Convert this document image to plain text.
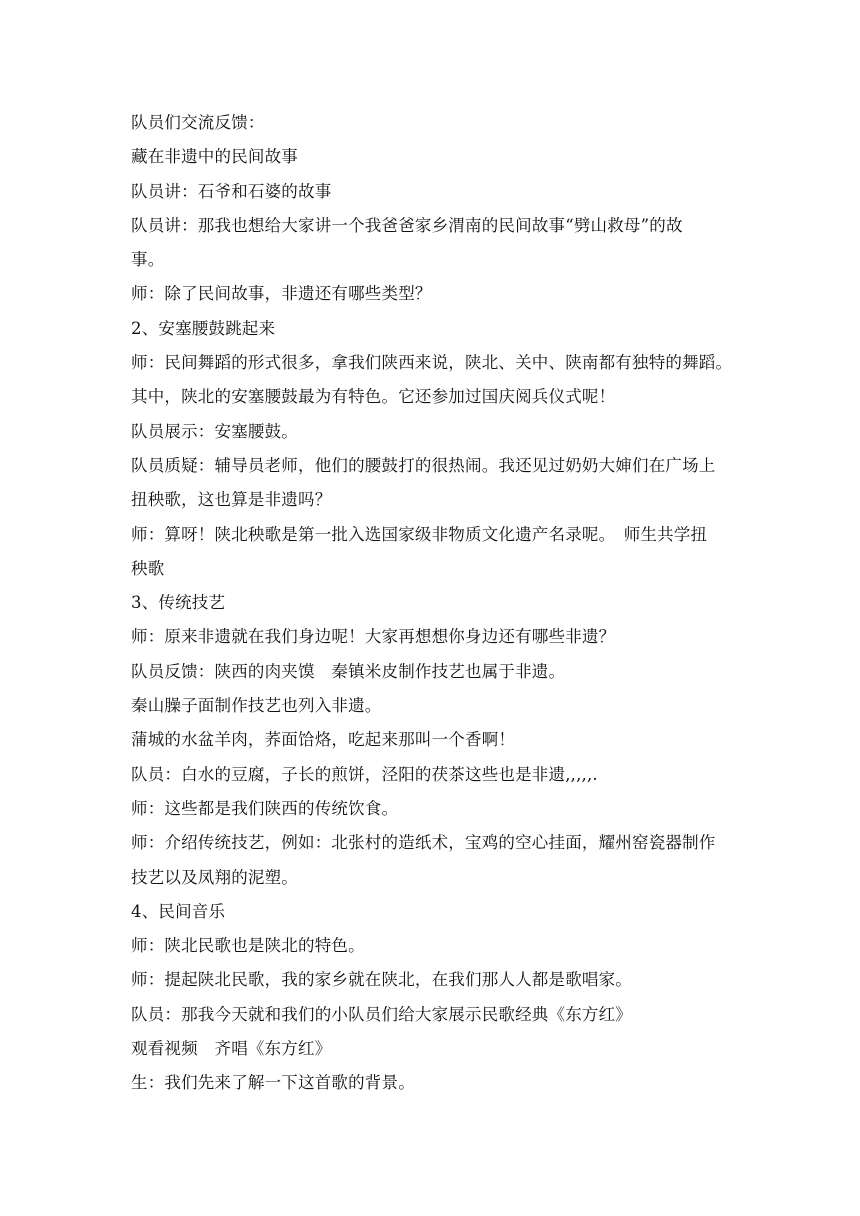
队员们交流反馈：
藏在非遗中的民间故事
队员讲：石爷和石婆的故事
队员讲：那我也想给大家讲一个我爸爸家乡渭南的民间故事“劈山救母”的故
事。
师：除了民间故事，非遗还有哪些类型？
2、安塞腰鼓跳起来
师：民间舞蹈的形式很多，拿我们陕西来说，陕北、关中、陕南都有独特的舞蹈。
其中，陕北的安塞腰鼓最为有特色。它还参加过国庆阅兵仪式呢！
队员展示：安塞腰鼓。
队员质疑：辅导员老师，他们的腰鼓打的很热闹。我还见过奶奶大婶们在广场上
扭秧歌，这也算是非遗吗？
师：算呀！陕北秧歌是第一批入选国家级非物质文化遗产名录呢。　师生共学扭
秧歌
3、传统技艺
师：原来非遗就在我们身边呢！大家再想想你身边还有哪些非遗？
队员反馈：陕西的肉夹馍　秦镇米皮制作技艺也属于非遗。
秦山臊子面制作技艺也列入非遗。
蒲城的水盆羊肉，荞面饸烙，吃起来那叫一个香啊！
队员：白水的豆腐，子长的煎饼，泾阳的茯茶这些也是非遗,,,,,.
师：这些都是我们陕西的传统饮食。
师：介绍传统技艺，例如：北张村的造纸术，宝鸡的空心挂面，耀州窑瓷器制作
技艺以及凤翔的泥塑。
4、民间音乐
师：陕北民歌也是陕北的特色。
师：提起陕北民歌，我的家乡就在陕北，在我们那人人都是歌唱家。
队员：那我今天就和我们的小队员们给大家展示民歌经典《东方红》
观看视频　齐唱《东方红》
生：我们先来了解一下这首歌的背景。
